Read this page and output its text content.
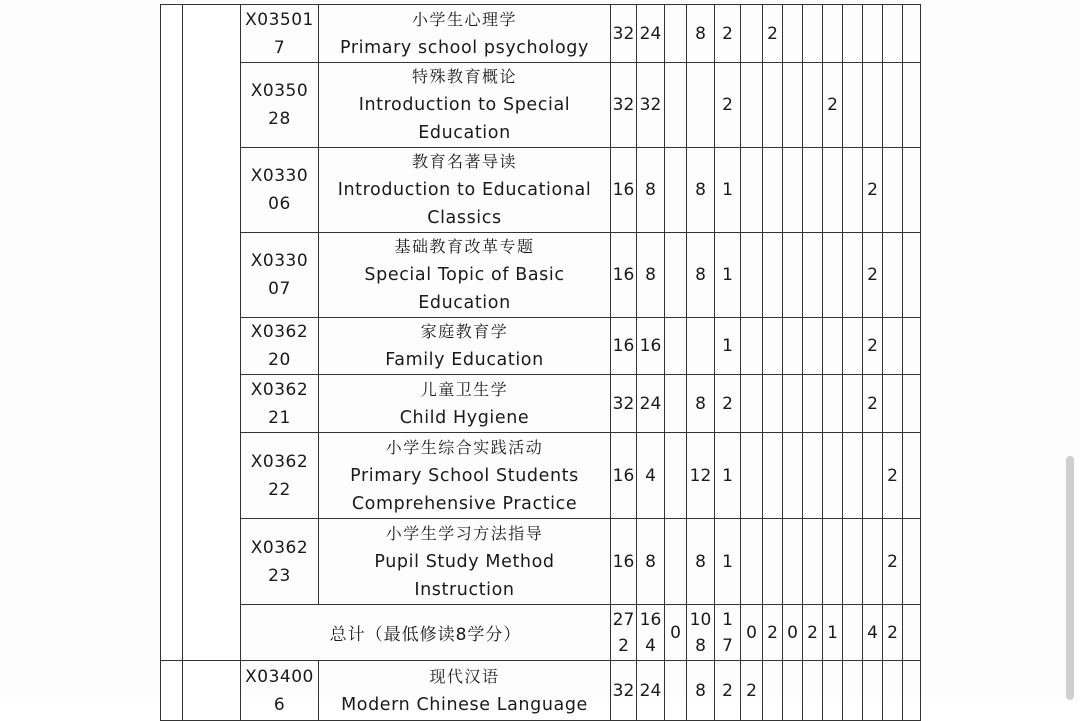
		X03501
7	小学生心理学
Primary school psychology	32	24		8	2		2							

		X0350
28	特殊教育概论
Introduction to Special
Education	32	32			2					2				

		X0330
06	教育名著导读
Introduction to Educational
Classics	16	8		8	1							2		

		X0330
07	基础教育改革专题
Special Topic of Basic
Education	16	8		8	1							2		

		X0362
20	家庭教育学
Family Education	16	16			1							2		

		X0362
21	儿童卫生学
Child Hygiene	32	24		8	2							2		

		X0362
22	小学生综合实践活动
Primary School Students
Comprehensive Practice	16	4		12	1								2	

		X0362
23	小学生学习方法指导
Pupil Study Method
Instruction	16	8		8	1								2	
		总计（最低修读8学分）		27
2	16
4	0	10
8	1
7	0	2	0	2	1		4	2	

		X03400
6	现代汉语
Modern Chinese Language	32	24		8	2	2								
